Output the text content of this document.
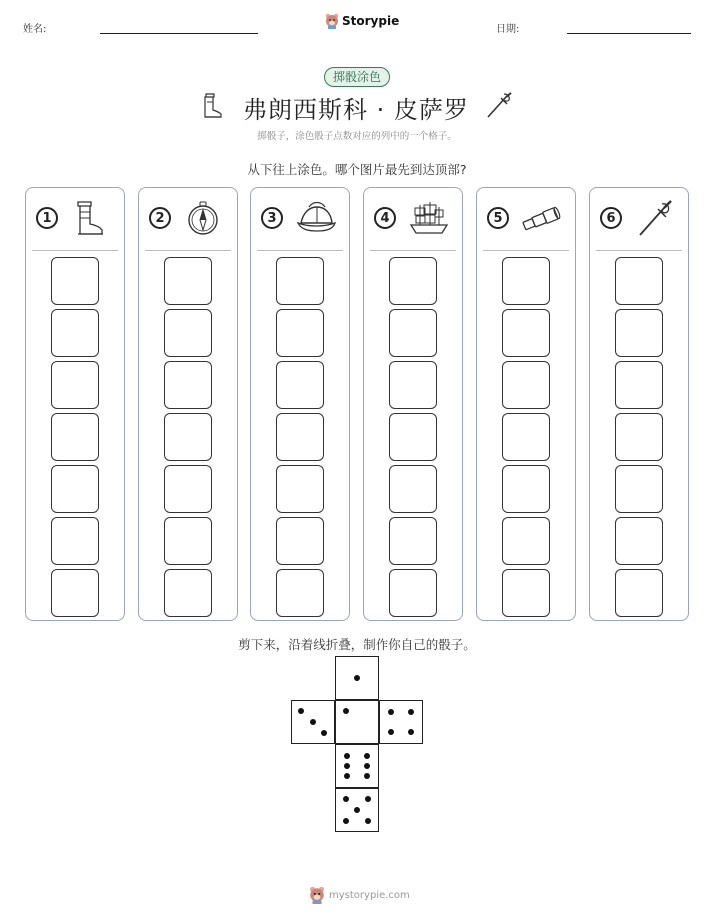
姓名:
Storypie
日期:
掷骰涂色
弗朗西斯科 · 皮萨罗
掷骰子，涂色骰子点数对应的列中的一个格子。
从下往上涂色。哪个图片最先到达顶部?
1	2	3	4	5	6
剪下来，沿着线折叠，制作你自己的骰子。
mystorypie.com
